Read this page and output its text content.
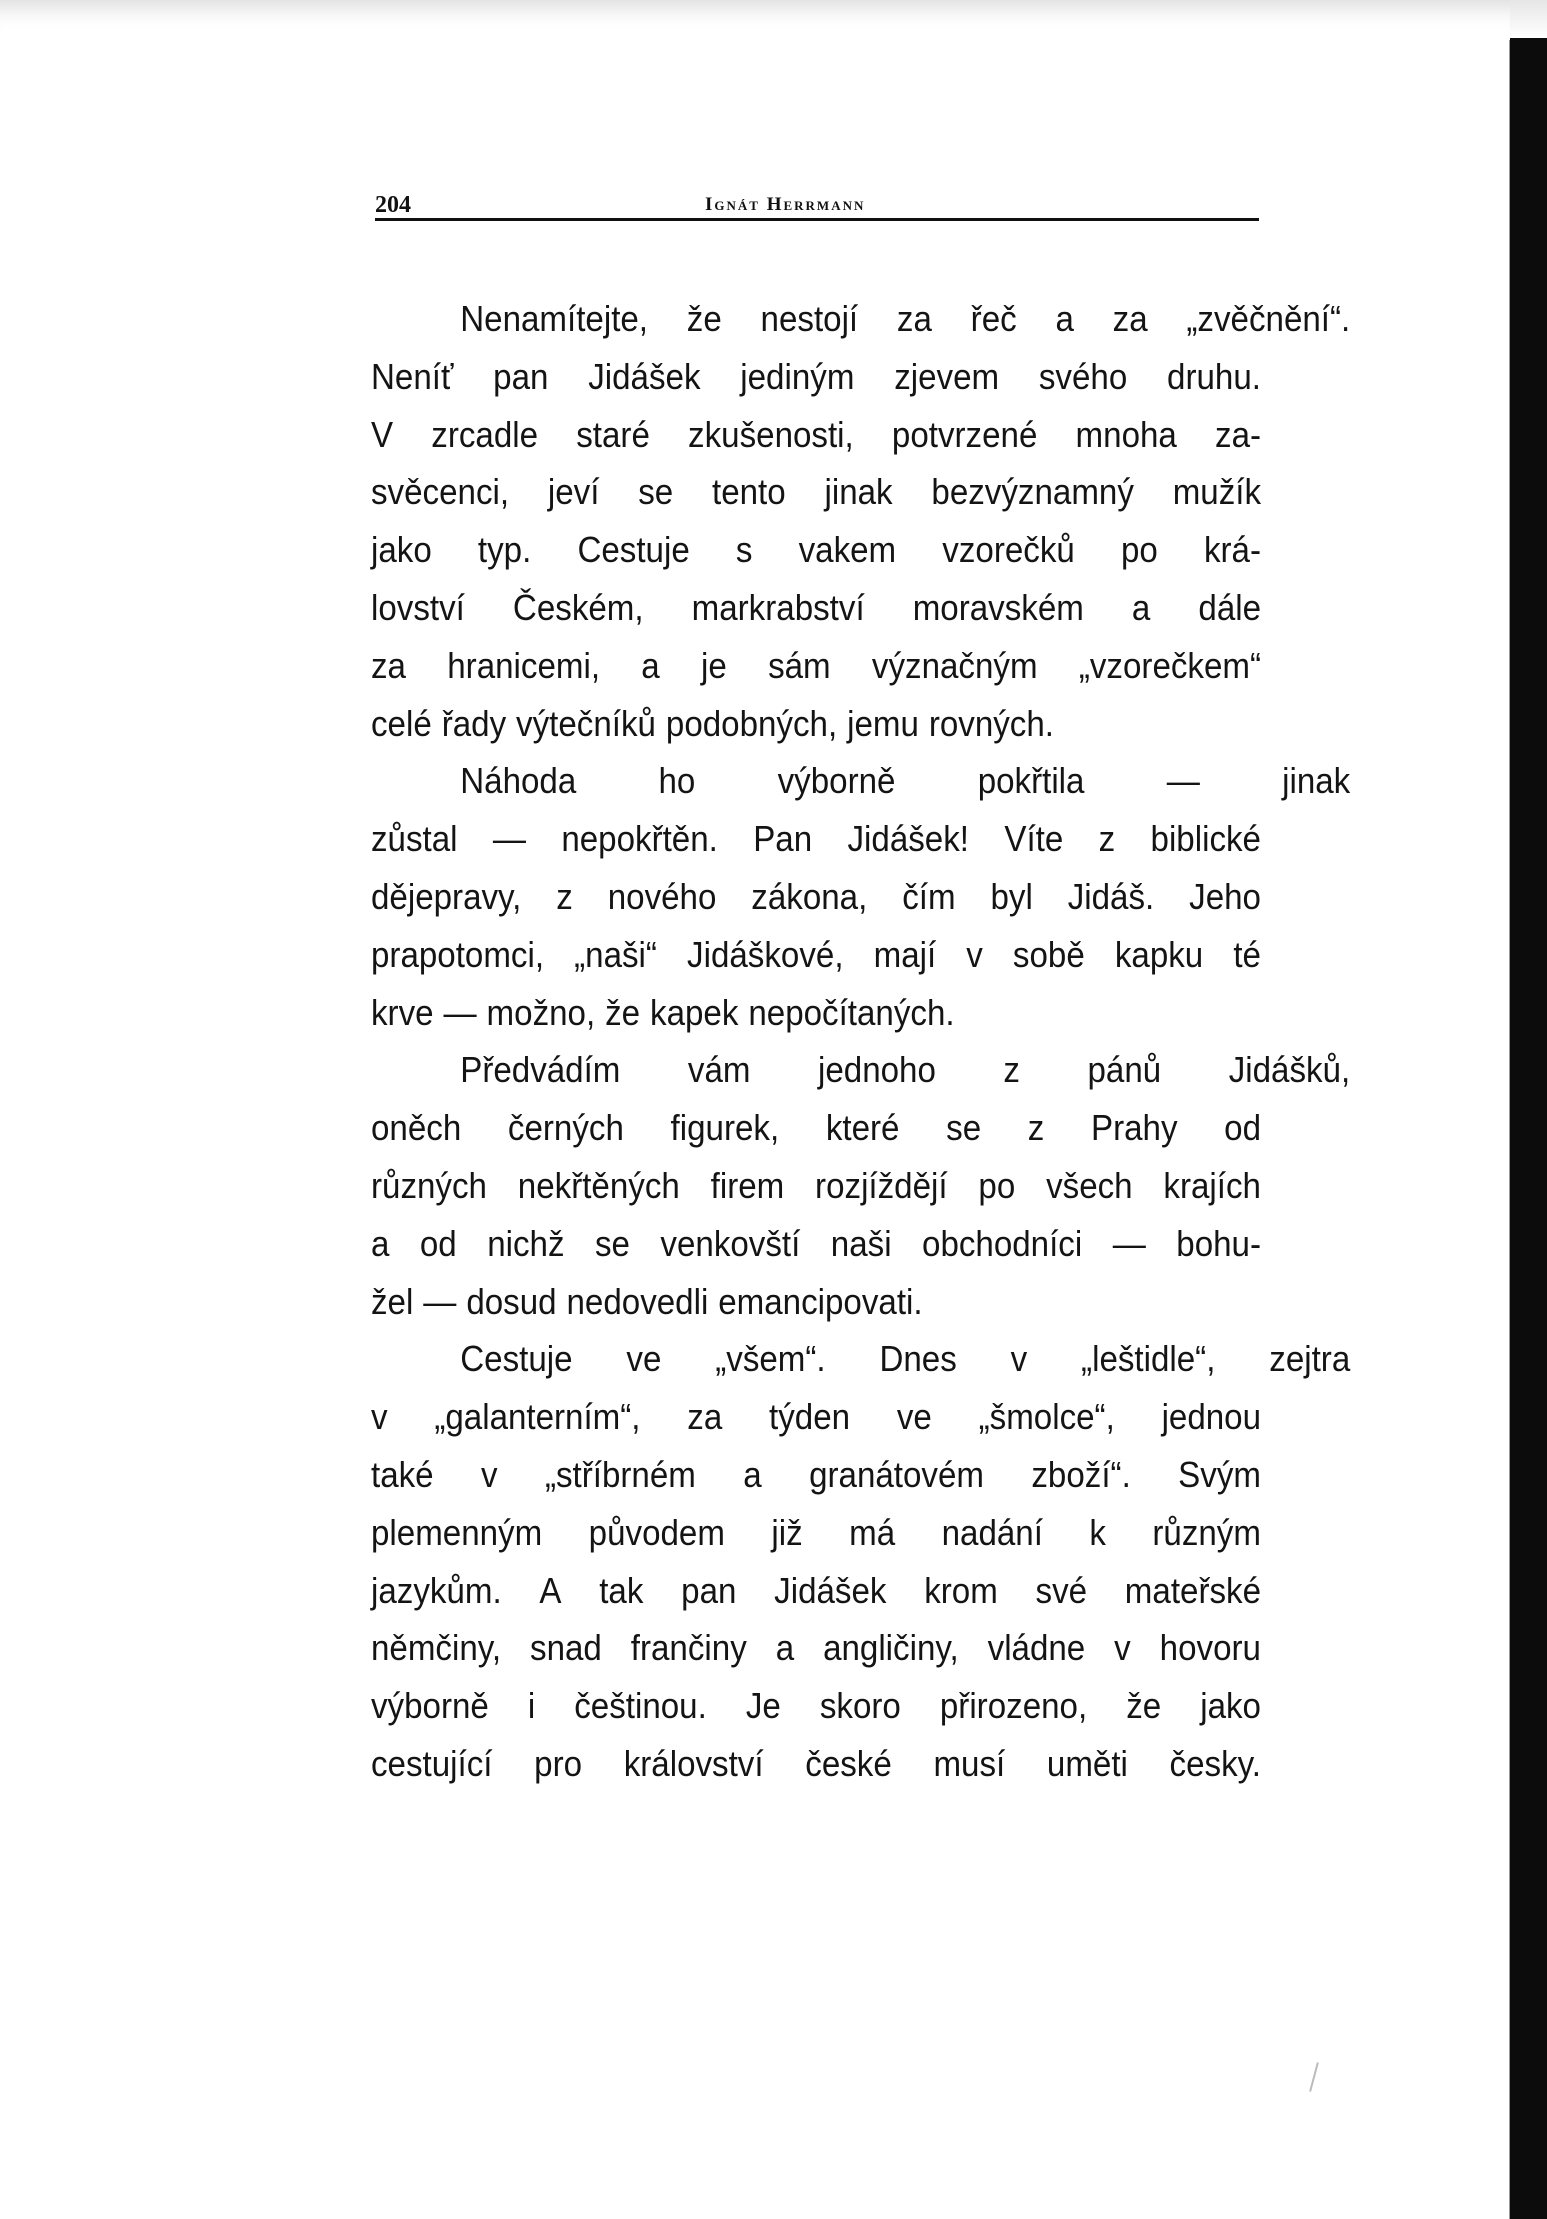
204	Ignát Herrmann
Nenamítejte, že nestojí za řeč a za „zvěčnění“.
Neníť pan Jidášek jediným zjevem svého druhu.
V zrcadle staré zkušenosti, potvrzené mnoha za-
svěcenci, jeví se tento jinak bezvýznamný mužík
jako typ. Cestuje s vakem vzorečků po krá-
lovství Českém, markrabství moravském a dále
za hranicemi, a je sám význačným „vzorečkem“
celé řady výtečníků podobných, jemu rovných.
Náhoda ho výborně pokřtila — jinak
zůstal — nepokřtěn. Pan Jidášek! Víte z biblické
dějepravy, z nového zákona, čím byl Jidáš. Jeho
prapotomci, „naši“ Jidáškové, mají v sobě kapku té
krve — možno, že kapek nepočítaných.
Předvádím vám jednoho z pánů Jidášků,
oněch černých figurek, které se z Prahy od
různých nekřtěných firem rozjíždějí po všech krajích
a od nichž se venkovští naši obchodníci — bohu-
žel — dosud nedovedli emancipovati.
Cestuje ve „všem“. Dnes v „leštidle“, zejtra
v „galanterním“, za týden ve „šmolce“, jednou
také v „stříbrném a granátovém zboží“. Svým
plemenným původem již má nadání k různým
jazykům. A tak pan Jidášek krom své mateřské
němčiny, snad frančiny a angličiny, vládne v hovoru
výborně i češtinou. Je skoro přirozeno, že jako
cestující pro království české musí uměti česky.
